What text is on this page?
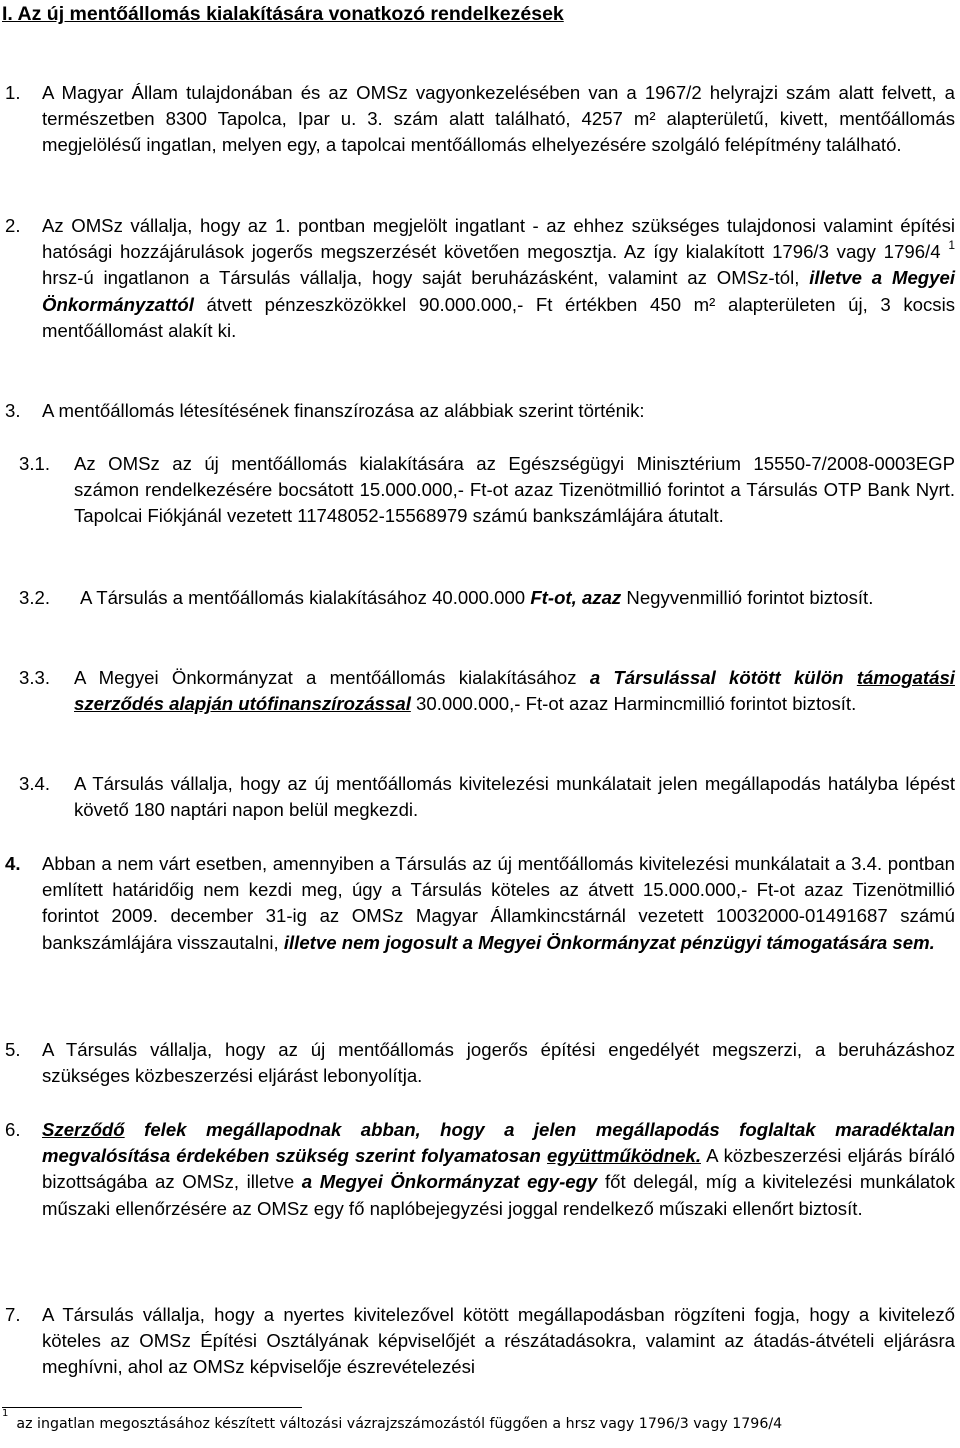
I. Az új mentőállomás kialakítására vonatkozó rendelkezések
1. A Magyar Állam tulajdonában és az OMSz vagyonkezelésében van a 1967/2 helyrajzi szám alatt felvett, a természetben 8300 Tapolca, Ipar u. 3. szám alatt található, 4257 m² alapterületű, kivett, mentőállomás megjelölésű ingatlan, melyen egy, a tapolcai mentőállomás elhelyezésére szolgáló felépítmény található.
2. Az OMSz vállalja, hogy az 1. pontban megjelölt ingatlant - az ehhez szükséges tulajdonosi valamint építési hatósági hozzájárulások jogerős megszerzését követően megosztja. Az így kialakított 1796/3 vagy 1796/4 $^1$ hrsz-ú ingatlanon a Társulás vállalja, hogy saját beruházásként, valamint az OMSz-tól, illetve a Megyei Önkormányzattól átvett pénzeszközökkel 90.000.000,- Ft értékben 450 m² alapterületen új, 3 kocsis mentőállomást alakít ki.
3. A mentőállomás létesítésének finanszírozása az alábbiak szerint történik:
3.1. Az OMSz az új mentőállomás kialakítására az Egészségügyi Minisztérium 15550-7/2008-0003EGP számon rendelkezésére bocsátott 15.000.000,- Ft-ot azaz Tizenötmillió forintot a Társulás OTP Bank Nyrt. Tapolcai Fiókjánál vezetett 11748052-15568979 számú bankszámlájára átutalt.
3.2. A Társulás a mentőállomás kialakításához 40.000.000 Ft-ot, azaz Negyvenmillió forintot biztosít.
3.3. A Megyei Önkormányzat a mentőállomás kialakításához a Társulással kötött külön támogatási szerződés alapján utófinanszírozással 30.000.000,- Ft-ot azaz Harmincmillió forintot biztosít.
3.4. A Társulás vállalja, hogy az új mentőállomás kivitelezési munkálatait jelen megállapodás hatályba lépést követő 180 naptári napon belül megkezdi.
4. Abban a nem várt esetben, amennyiben a Társulás az új mentőállomás kivitelezési munkálatait a 3.4. pontban említett határidőig nem kezdi meg, úgy a Társulás köteles az átvett 15.000.000,- Ft-ot azaz Tizenötmillió forintot 2009. december 31-ig az OMSz Magyar Államkincstárnál vezetett 10032000-01491687 számú bankszámlájára visszautalni, illetve nem jogosult a Megyei Önkormányzat pénzügyi támogatására sem.
5. A Társulás vállalja, hogy az új mentőállomás jogerős építési engedélyét megszerzi, a beruházáshoz szükséges közbeszerzési eljárást lebonyolítja.
6. Szerződő felek megállapodnak abban, hogy a jelen megállapodás foglaltak maradéktalan megvalósítása érdekében szükség szerint folyamatosan együttműködnek. A közbeszerzési eljárás bíráló bizottságába az OMSz, illetve a Megyei Önkormányzat egy-egy főt delegál, míg a kivitelezési munkálatok műszaki ellenőrzésére az OMSz egy fő naplóbejegyzési joggal rendelkező műszaki ellenőrt biztosít.
7. A Társulás vállalja, hogy a nyertes kivitelezővel kötött megállapodásban rögzíteni fogja, hogy a kivitelező köteles az OMSz Építési Osztályának képviselőjét a részátadásokra, valamint az átadás-átvételi eljárásra meghívni, ahol az OMSz képviselője észrevételezési

$^1$az ingatlan megosztásához készített változási vázrajzszámozástól függően a hrsz vagy 1796/3 vagy 1796/4
